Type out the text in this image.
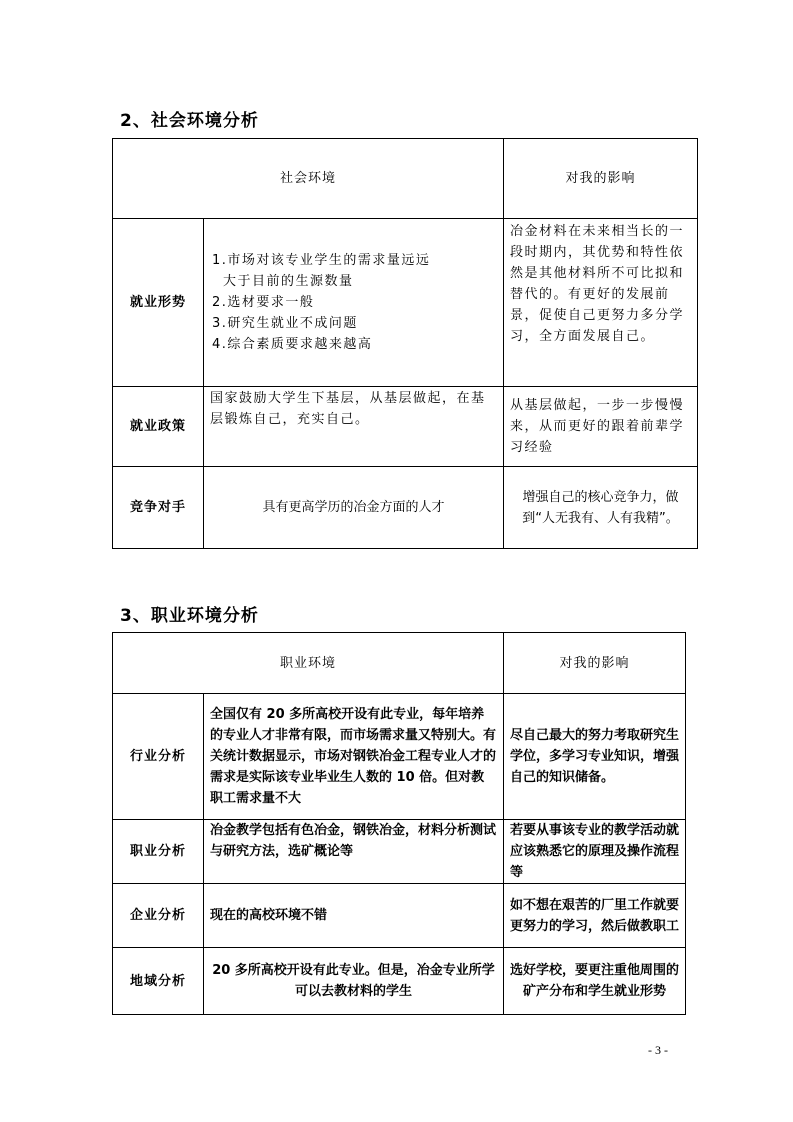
2、社会环境分析
社会环境		对我的影响
就业形势	1.市场对该专业学生的需求量远远
大于目前的生源数量
2.选材要求一般
3.研究生就业不成问题
4.综合素质要求越来越高	冶金材料在未来相当长的一段时期内，其优势和特性依然是其他材料所不可比拟和替代的。有更好的发展前景，促使自己更努力多分学习，全方面发展自己。

就业政策	国家鼓励大学生下基层，从基层做起，在基层锻炼自己，充实自己。	从基层做起，一步一步慢慢来，从而更好的跟着前辈学习经验

竞争对手	具有更高学历的冶金方面的人才	增强自己的核心竞争力，做到“人无我有、人有我精”。
3、职业环境分析
职业环境		对我的影响
行业分析	全国仅有 20 多所高校开设有此专业，每年培养的专业人才非常有限，而市场需求量又特别大。有关统计数据显示，市场对钢铁冶金工程专业人才的需求是实际该专业毕业生人数的 10 倍。但对教职工需求量不大	尽自己最大的努力考取研究生学位，多学习专业知识，增强自己的知识储备。

职业分析	冶金教学包括有色冶金，钢铁冶金，材料分析测试与研究方法，选矿概论等	若要从事该专业的教学活动就应该熟悉它的原理及操作流程等

企业分析	现在的高校环境不错	如不想在艰苦的厂里工作就要更努力的学习，然后做教职工

地域分析	20 多所高校开设有此专业。但是，冶金专业所学可以去教材料的学生	选好学校，要更注重他周围的矿产分布和学生就业形势
- 3 -
